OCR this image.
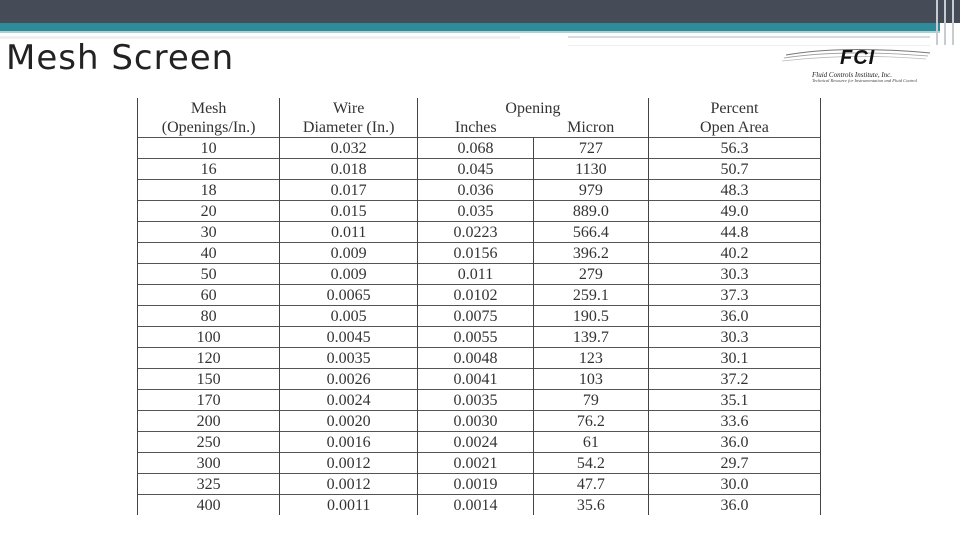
Mesh Screen	FCI
Fluid Controls Institute, Inc.
Technical Resource for Instrumentation and Fluid Control
Mesh	Wire	Opening		Percent
(Openings/In.)	Diameter (In.)	Inches	Micron	Open Area
10	0.032	0.068	727	56.3
16	0.018	0.045	1130	50.7
18	0.017	0.036	979	48.3
20	0.015	0.035	889.0	49.0
30	0.011	0.0223	566.4	44.8
40	0.009	0.0156	396.2	40.2
50	0.009	0.011	279	30.3
60	0.0065	0.0102	259.1	37.3
80	0.005	0.0075	190.5	36.0
100	0.0045	0.0055	139.7	30.3
120	0.0035	0.0048	123	30.1
150	0.0026	0.0041	103	37.2
170	0.0024	0.0035	79	35.1
200	0.0020	0.0030	76.2	33.6
250	0.0016	0.0024	61	36.0
300	0.0012	0.0021	54.2	29.7
325	0.0012	0.0019	47.7	30.0
400	0.0011	0.0014	35.6	36.0
